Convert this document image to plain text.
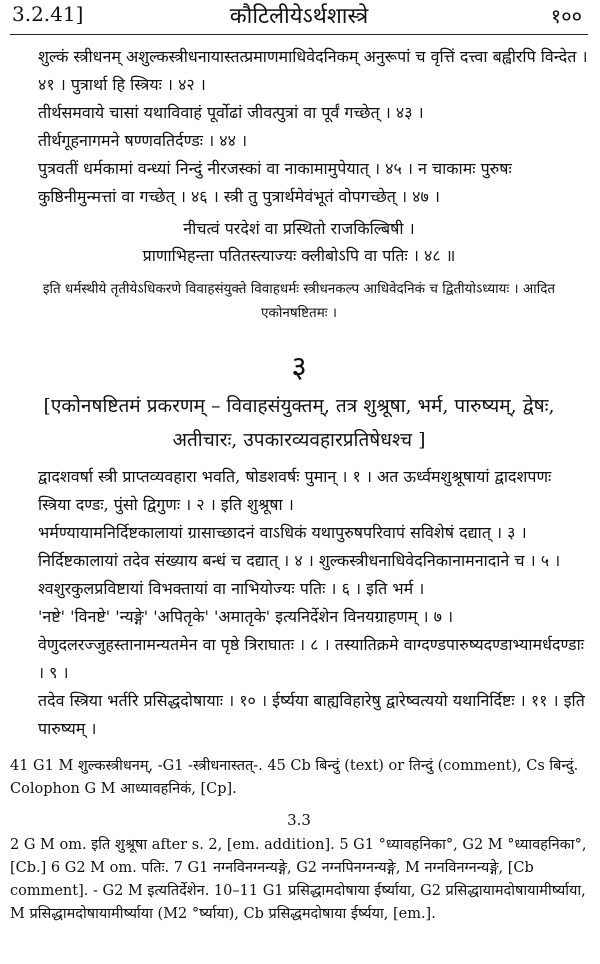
3.2.41]	कौटिलीयेऽर्थशास्त्रे	१००

शुल्कं स्त्रीधनम् अशुल्कस्त्रीधनायास्तत्प्रमाणमाधिवेदनिकम् अनुरूपां च वृत्तिं दत्त्वा बह्वीरपि विन्देत । ४१ । पुत्रार्था हि स्त्रियः । ४२ ।

तीर्थसमवाये चासां यथाविवाहं पूर्वोढां जीवत्पुत्रां वा पूर्वं गच्छेत् । ४३ ।

तीर्थगूहनागमने षण्णवतिर्दण्डः । ४४ ।

पुत्रवतीं धर्मकामां वन्ध्यां निन्दुं नीरजस्कां वा नाकामामुपेयात् । ४५ । न चाकामः पुरुषः कुष्ठिनीमुन्मत्तां वा गच्छेत् । ४६ । स्त्री तु पुत्रार्थमेवंभूतं वोपगच्छेत् । ४७ ।

नीचत्वं परदेशं वा प्रस्थितो राजकिल्बिषी ।
प्राणाभिहन्ता पतितस्त्याज्यः क्लीबोऽपि वा पतिः । ४८ ॥
इति धर्मस्थीये तृतीयेऽधिकरणे विवाहसंयुक्ते विवाहधर्मः स्त्रीधनकल्प आधिवेदनिकं च द्वितीयोऽध्यायः । आदित एकोनषष्टितमः ।
३
[एकोनषष्टितमं प्रकरणम् – विवाहसंयुक्तम्, तत्र शुश्रूषा, भर्म, पारुष्यम्, द्वेषः, अतीचारः, उपकारव्यवहारप्रतिषेधश्च ]

द्वादशवर्षा स्त्री प्राप्तव्यवहारा भवति, षोडशवर्षः पुमान् । १ । अत ऊर्ध्वमशुश्रूषायां द्वादशपणः स्त्रिया दण्डः, पुंसो द्विगुणः । २ । इति शुश्रूषा ।

भर्मण्यायामनिर्दिष्टकालायां ग्रासाच्छादनं वाऽधिकं यथापुरुषपरिवापं सविशेषं दद्यात् । ३ । निर्दिष्टकालायां तदेव संख्याय बन्धं च दद्यात् । ४ । शुल्कस्त्रीधनाधिवेदनिकानामनादाने च । ५ ।

श्वशुरकुलप्रविष्टायां विभक्तायां वा नाभियोज्यः पतिः । ६ । इति भर्म ।

'नष्टे' 'विनष्टे' 'न्यङ्गे' 'अपितृके' 'अमातृके' इत्यनिर्देशेन विनयग्राहणम् । ७ । वेणुदलरज्जुहस्तानामन्यतमेन वा पृष्ठे त्रिराघातः । ८ । तस्यातिक्रमे वाग्दण्डपारुष्यदण्डाभ्यामर्धदण्डाः । ९ ।

तदेव स्त्रिया भर्तरि प्रसिद्धदोषायाः । १० । ईर्ष्यया बाह्यविहारेषु द्वारेष्वत्ययो यथानिर्दिष्टः । ११ । इति पारुष्यम् ।

41 G1 M शुल्कस्त्रीधनम्, -G1 -स्त्रीधनास्तत्-. 45 Cb बिन्दुं (text) or तिन्दुं (comment), Cs बिन्दुं. Colophon G M आध्यावहनिकं, [Cp].

3.3

2 G M om. इति शुश्रूषा after s. 2, [em. addition]. 5 G1 °ध्यावहनिका°, G2 M °ध्यावहनिका°, [Cb.] 6 G2 M om. पतिः. 7 G1 नग्नविनग्नन्यङ्गे, G2 नग्नपिनग्नन्यङ्गे, M नग्नविनग्नन्यङ्गे, [Cb comment]. - G2 M इत्यतिर्देशेन. 10–11 G1 प्रसिद्धामदोषाया ईर्ष्याया, G2 प्रसिद्धायामदोषायामीर्ष्याया, M प्रसिद्धामदोषायामीर्ष्याया (M2 °र्ष्याया), Cb प्रसिद्धमदोषाया ईर्ष्यया, [em.].
